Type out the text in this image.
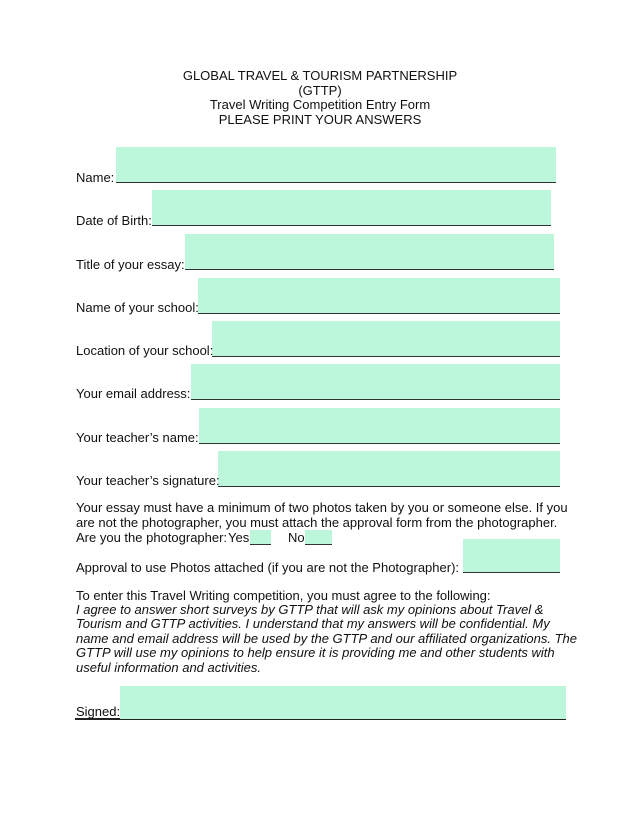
GLOBAL TRAVEL & TOURISM PARTNERSHIP
(GTTP)
Travel Writing Competition Entry Form
PLEASE PRINT YOUR ANSWERS
Name:
Date of Birth:
Title of your essay:
Name of your school:
Location of your school:
Your email address:
Your teacher’s name:
Your teacher’s signature:
Your essay must have a minimum of two photos taken by you or someone else. If you
are not the photographer, you must attach the approval form from the photographer.
Are you the photographer: Yes	No
Approval to use Photos attached (if you are not the Photographer):
To enter this Travel Writing competition, you must agree to the following:
I agree to answer short surveys by GTTP that will ask my opinions about Travel &
Tourism and GTTP activities. I understand that my answers will be confidential. My
name and email address will be used by the GTTP and our affiliated organizations. The
GTTP will use my opinions to help ensure it is providing me and other students with
useful information and activities.
Signed:
